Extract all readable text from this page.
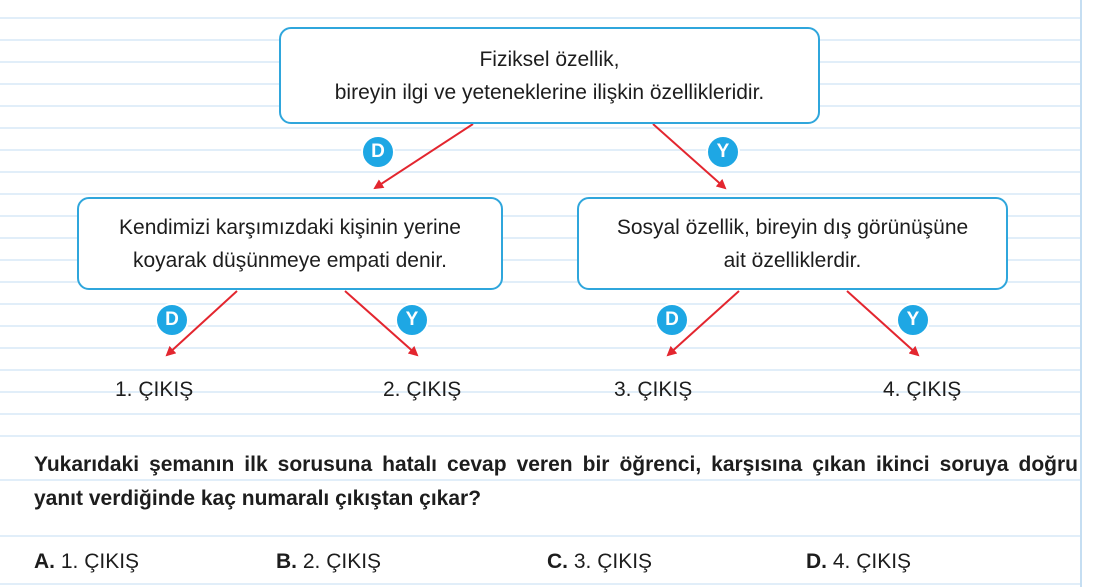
Fiziksel özellik,
bireyin ilgi ve yeteneklerine ilişkin özellikleridir.
Kendimizi karşımızdaki kişinin yerine
koyarak düşünmeye empati denir.
Sosyal özellik, bireyin dış görünüşüne
ait özelliklerdir.
D	Y
D	Y	D	Y
1. ÇIKIŞ	2. ÇIKIŞ	3. ÇIKIŞ	4. ÇIKIŞ
Yukarıdaki şemanın ilk sorusuna hatalı cevap veren bir öğrenci, karşısına çıkan ikinci soruya doğru yanıt verdiğinde kaç numaralı çıkıştan çıkar?
A. 1. ÇIKIŞ	B. 2. ÇIKIŞ	C. 3. ÇIKIŞ	D. 4. ÇIKIŞ
